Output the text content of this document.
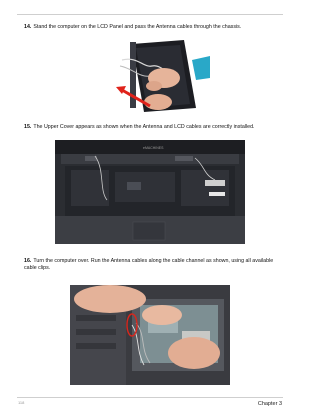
14. Stand the computer on the LCD Panel and pass the Antenna cables through the chassis.
15. The Upper Cover appears as shown when the Antenna and LCD cables are correctly installed.
eMACHINES
16. Turn the computer over. Run the Antenna cables along the cable channel as shown, using all available cable clips.
118	Chapter 3
